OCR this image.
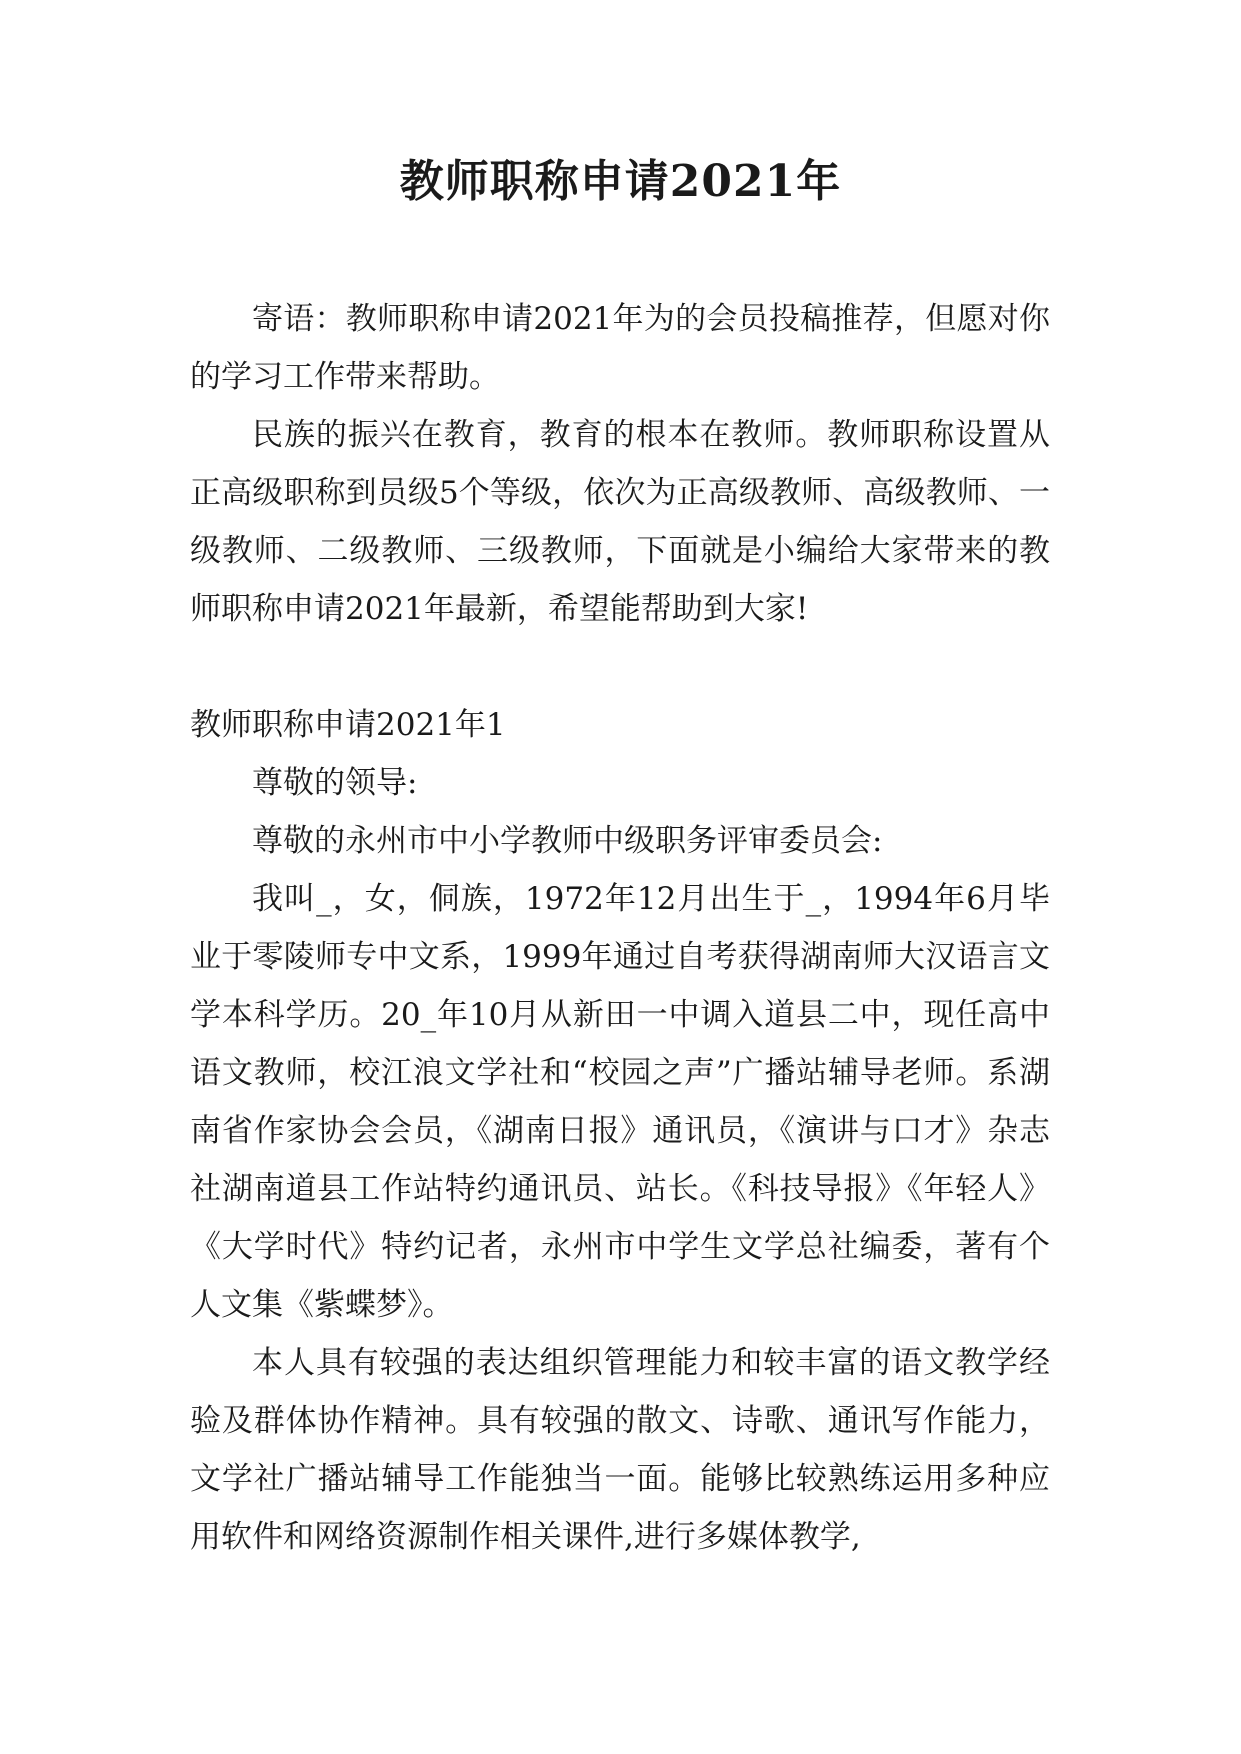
教师职称申请2021年

寄语：教师职称申请2021年为的会员投稿推荐，但愿对你的学习工作带来帮助。

民族的振兴在教育，教育的根本在教师。教师职称设置从正高级职称到员级5个等级，依次为正高级教师、高级教师、一级教师、二级教师、三级教师，下面就是小编给大家带来的教师职称申请2021年最新，希望能帮助到大家!

教师职称申请2021年1

尊敬的领导:

尊敬的永州市中小学教师中级职务评审委员会:

我叫_，女，侗族，1972年12月出生于_，1994年6月毕业于零陵师专中文系，1999年通过自考获得湖南师大汉语言文学本科学历。20_年10月从新田一中调入道县二中，现任高中语文教师，校江浪文学社和“校园之声”广播站辅导老师。系湖南省作家协会会员，《湖南日报》通讯员，《演讲与口才》杂志社湖南道县工作站特约通讯员、站长。《科技导报》《年轻人》《大学时代》特约记者，永州市中学生文学总社编委，著有个人文集《紫蝶梦》。

本人具有较强的表达组织管理能力和较丰富的语文教学经验及群体协作精神。具有较强的散文、诗歌、通讯写作能力，文学社广播站辅导工作能独当一面。能够比较熟练运用多种应用软件和网络资源制作相关课件,进行多媒体教学,
